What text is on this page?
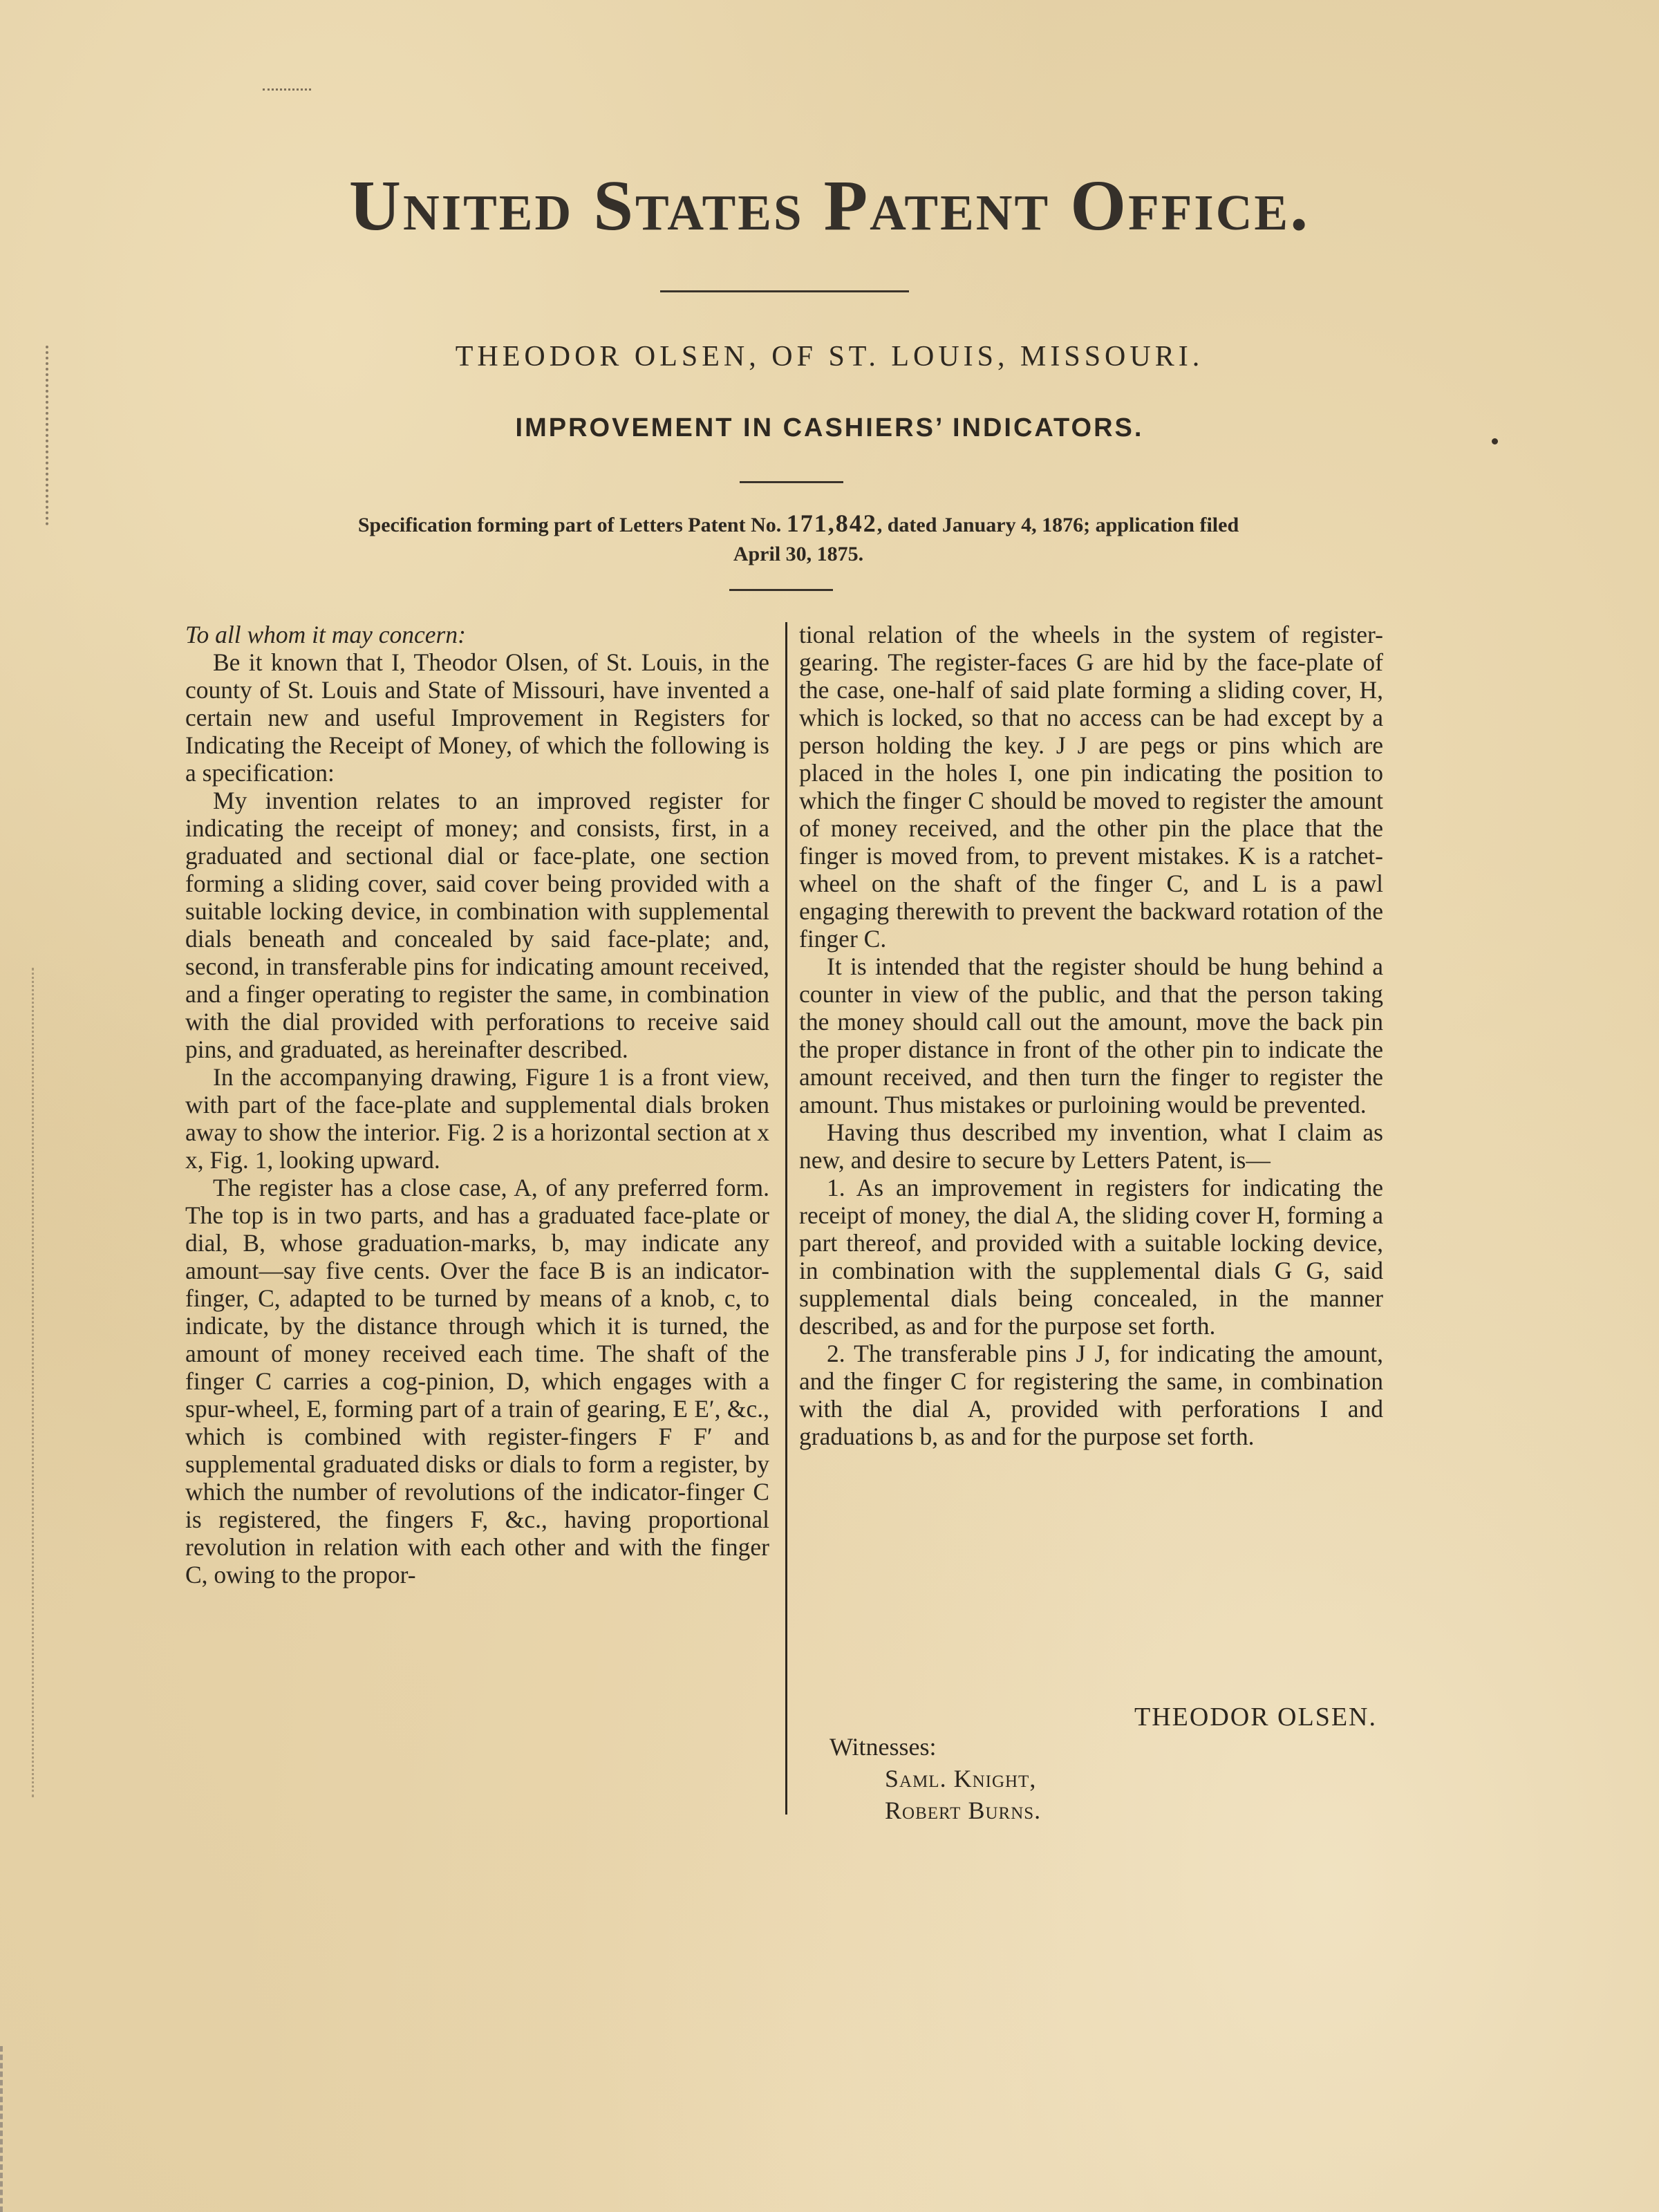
United States Patent Office.
THEODOR OLSEN, OF ST. LOUIS, MISSOURI.
IMPROVEMENT IN CASHIERS’ INDICATORS.
Specification forming part of Letters Patent No. 171,842, dated January 4, 1876; application filed
April 30, 1875.

To all whom it may concern:

Be it known that I, Theodor Olsen, of St. Louis, in the county of St. Louis and State of Missouri, have invented a certain new and useful Improvement in Registers for Indicating the Receipt of Money, of which the following is a specification:

My invention relates to an improved register for indicating the receipt of money; and consists, first, in a graduated and sectional dial or face-plate, one section forming a sliding cover, said cover being provided with a suitable locking device, in combination with supplemental dials beneath and concealed by said face-plate; and, second, in transferable pins for indicating amount received, and a finger operating to register the same, in combination with the dial provided with perforations to receive said pins, and graduated, as hereinafter described.

In the accompanying drawing, Figure 1 is a front view, with part of the face-plate and supplemental dials broken away to show the interior. Fig. 2 is a horizontal section at x x, Fig. 1, looking upward.

The register has a close case, A, of any preferred form. The top is in two parts, and has a graduated face-plate or dial, B, whose graduation-marks, b, may indicate any amount—say five cents. Over the face B is an indicator-finger, C, adapted to be turned by means of a knob, c, to indicate, by the distance through which it is turned, the amount of money received each time. The shaft of the finger C carries a cog-pinion, D, which engages with a spur-wheel, E, forming part of a train of gearing, E E′, &c., which is combined with register-fingers F F′ and supplemental graduated disks or dials to form a register, by which the number of revolutions of the indicator-finger C is registered, the fingers F, &c., having proportional revolution in relation with each other and with the finger C, owing to the propor-

tional relation of the wheels in the system of register-gearing. The register-faces G are hid by the face-plate of the case, one-half of said plate forming a sliding cover, H, which is locked, so that no access can be had except by a person holding the key. J J are pegs or pins which are placed in the holes I, one pin indicating the position to which the finger C should be moved to register the amount of money received, and the other pin the place that the finger is moved from, to prevent mistakes. K is a ratchet-wheel on the shaft of the finger C, and L is a pawl engaging therewith to prevent the backward rotation of the finger C.

It is intended that the register should be hung behind a counter in view of the public, and that the person taking the money should call out the amount, move the back pin the proper distance in front of the other pin to indicate the amount received, and then turn the finger to register the amount. Thus mistakes or purloining would be prevented.

Having thus described my invention, what I claim as new, and desire to secure by Letters Patent, is—

1. As an improvement in registers for indicating the receipt of money, the dial A, the sliding cover H, forming a part thereof, and provided with a suitable locking device, in combination with the supplemental dials G G, said supplemental dials being concealed, in the manner described, as and for the purpose set forth.

2. The transferable pins J J, for indicating the amount, and the finger C for registering the same, in combination with the dial A, provided with perforations I and graduations b, as and for the purpose set forth.

THEODOR OLSEN.
Witnesses:
Saml. Knight,
Robert Burns.
